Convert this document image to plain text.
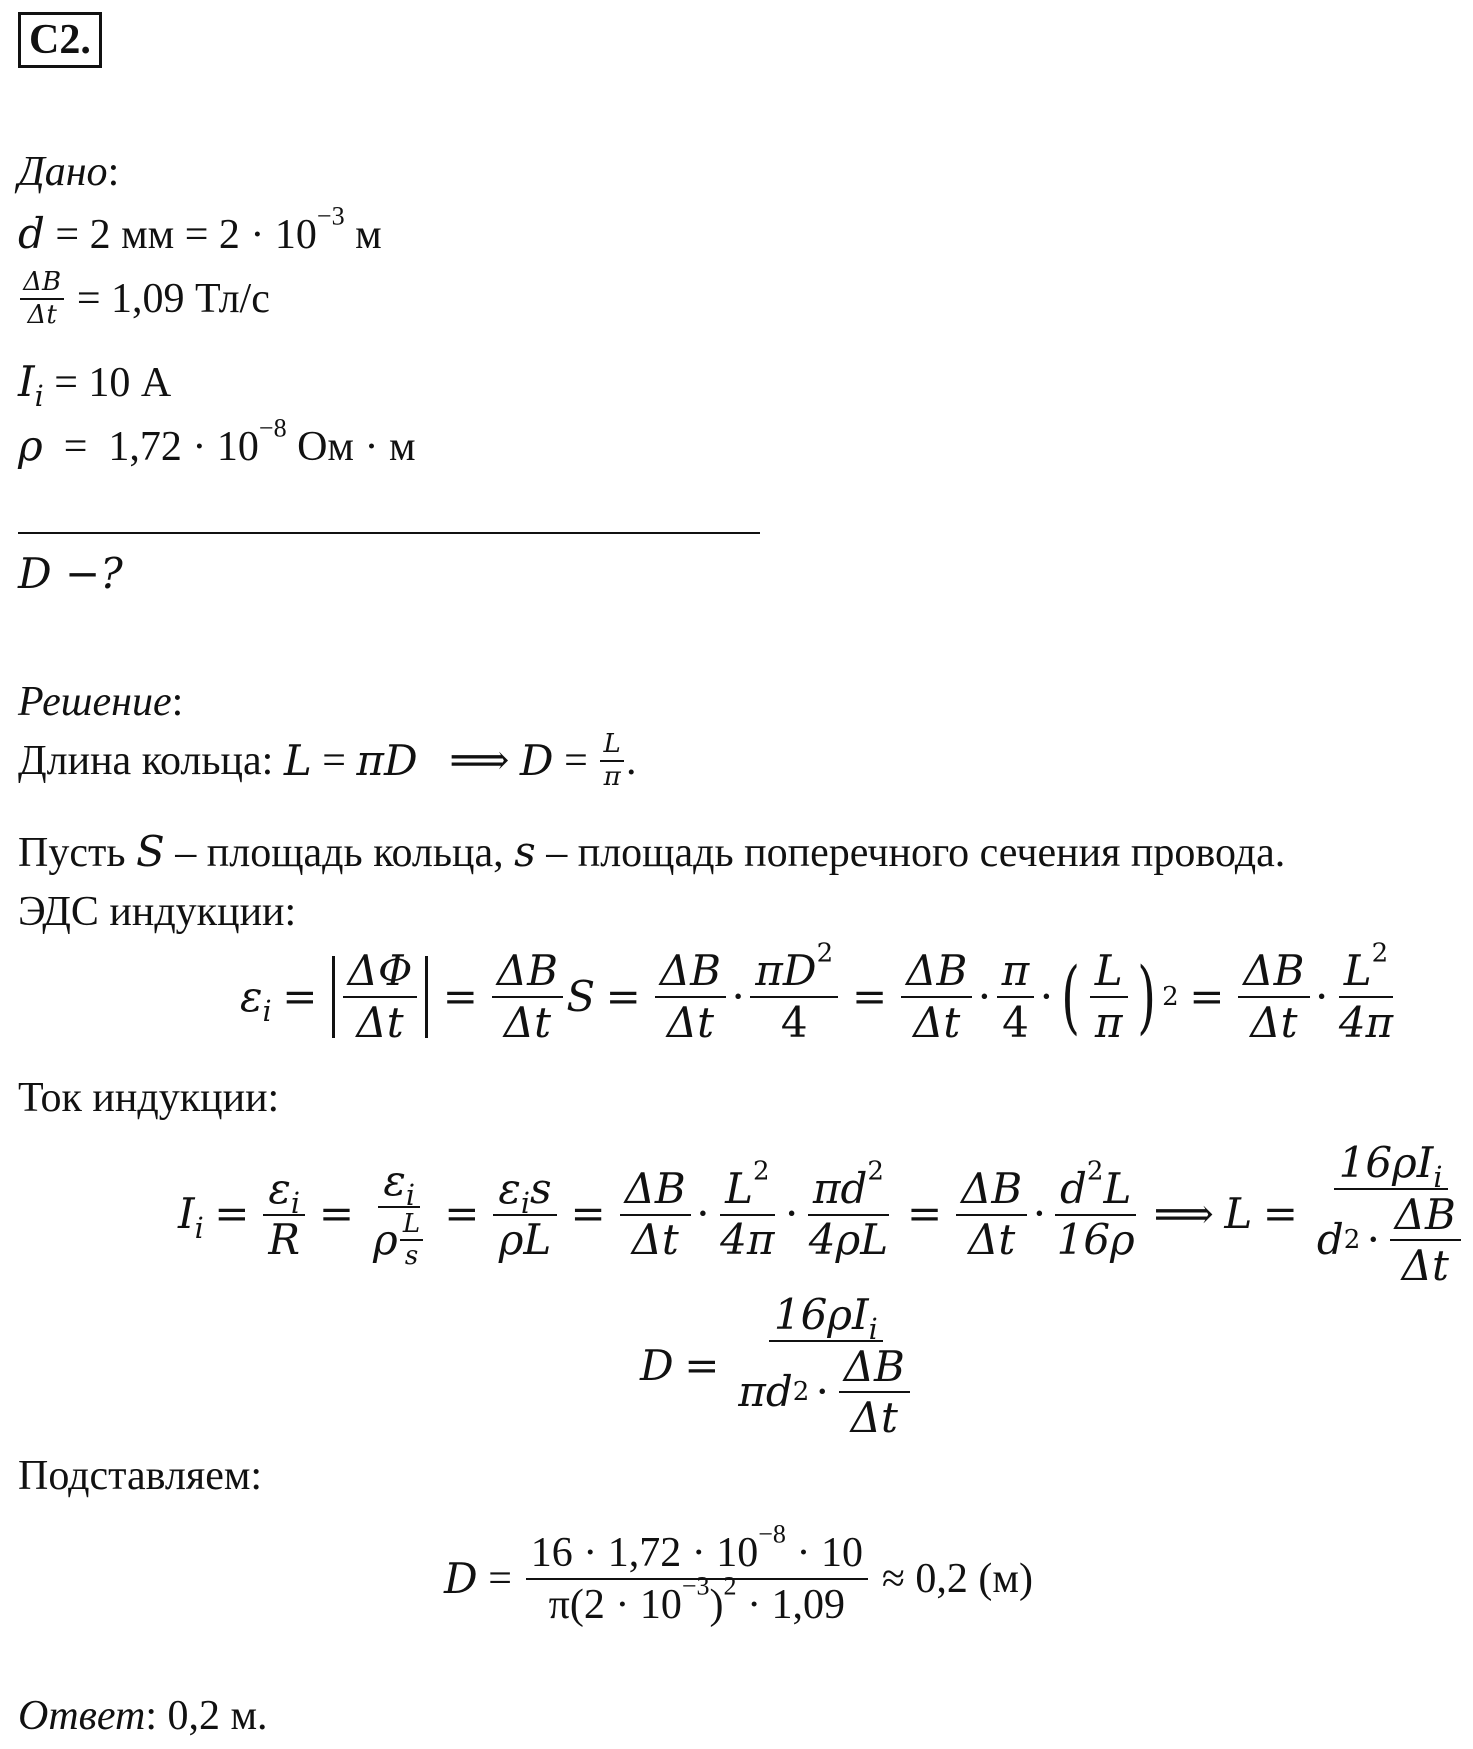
C2.
Дано:
d = 2 мм = $2 \cdot 10^{-3}$ м
$\frac{\Delta B}{\Delta t} = 1,09$ Тл/с
$I_i = 10$ А
$\rho = 1,72 \cdot 10^{-8}$ Ом · м
D −?
Решение:
Длина кольца:
L = πD
⟹ $D = \frac{L}{\pi}$ .
Пусть S – площадь кольца, s – площадь поперечного сечения провода.
ЭДС индукции:
$\varepsilon_i = \frac{\Delta\Phi}{\Delta t} = \frac{\Delta B}{\Delta t}$ $S = \frac{\Delta B}{\Delta t} \cdot \frac{\pi D^2}{4} = \frac{\Delta B}{\Delta t} \cdot \frac{\pi}{4}$ · ( $\frac{L}{\pi}$ ) $2 = \frac{\Delta B}{\Delta t} \cdot \frac{L^2}{4\pi}$
Ток индукции:
$I_i = \frac{\varepsilon_i}{R} = \frac{\varepsilon_i}{\rho \frac{L}{s}} = \frac{\varepsilon_is}{\rho L} = \frac{\Delta B}{\Delta t} \cdot \frac{L^2}{4\pi} \cdot \frac{\pi d^2}{4\rho L} = \frac{\Delta B}{\Delta t} \cdot \frac{d^2L}{16\rho}$ ⟹ $L = \frac{16\rho I_i}{d 2 \cdot \frac{\Delta B}{\Delta t}}$
$D = \frac{16\rho I_i}{\pi d 2 \cdot \frac{\Delta B}{\Delta t}}$
Подставляем:
$D = \frac{16 \cdot 1,72 \cdot 10^{-8} \cdot 10}{\pi(2 \cdot 10^{-3})^2 \cdot 1,09}$
≈ 0,2 (м)
Ответ: 0,2 м.
